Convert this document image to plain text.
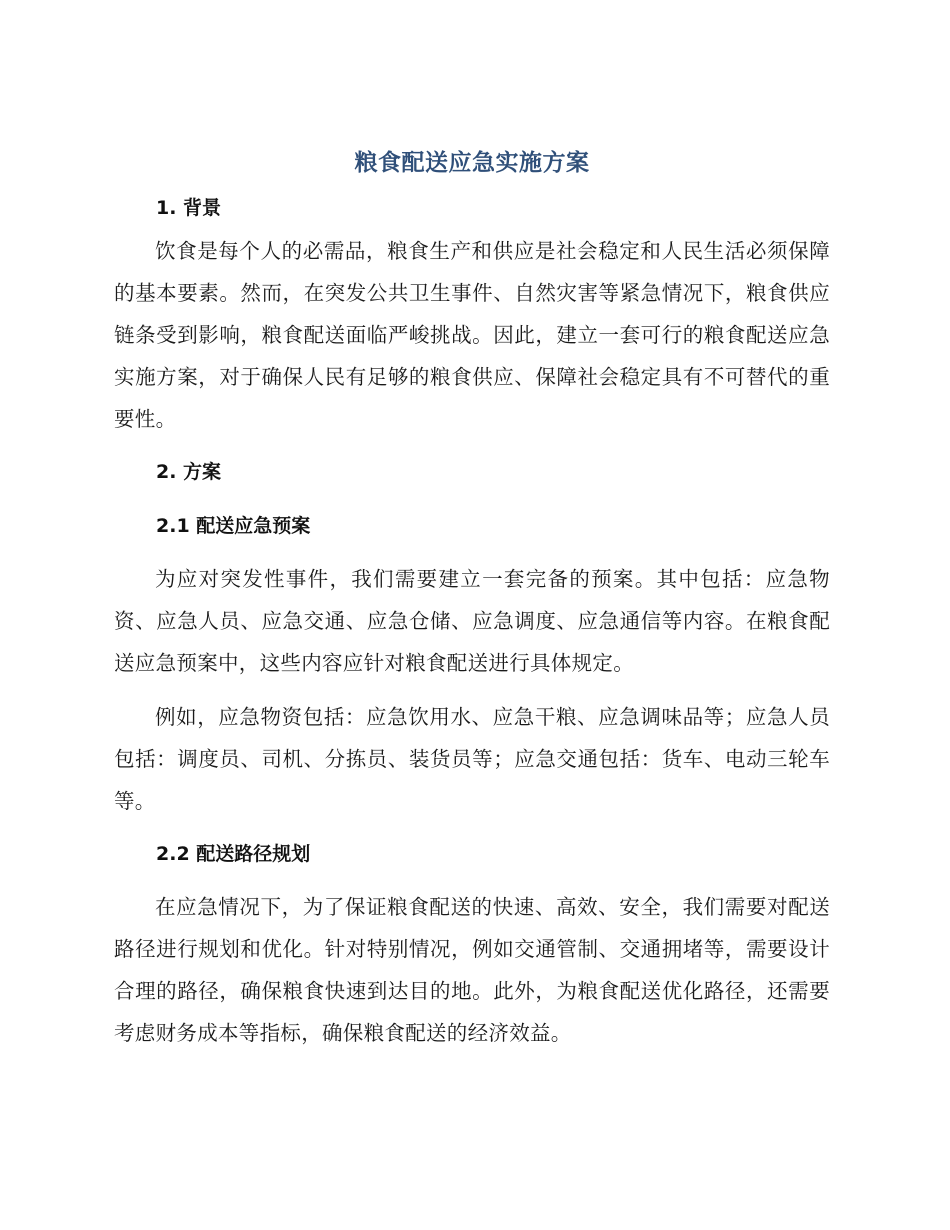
粮食配送应急实施方案
1. 背景

饮食是每个人的必需品，粮食生产和供应是社会稳定和人民生活必须保障的基本要素。然而，在突发公共卫生事件、自然灾害等紧急情况下，粮食供应链条受到影响，粮食配送面临严峻挑战。因此，建立一套可行的粮食配送应急实施方案，对于确保人民有足够的粮食供应、保障社会稳定具有不可替代的重要性。

2. 方案
2.1 配送应急预案

为应对突发性事件，我们需要建立一套完备的预案。其中包括：应急物资、应急人员、应急交通、应急仓储、应急调度、应急通信等内容。在粮食配送应急预案中，这些内容应针对粮食配送进行具体规定。

例如，应急物资包括：应急饮用水、应急干粮、应急调味品等；应急人员包括：调度员、司机、分拣员、装货员等；应急交通包括：货车、电动三轮车等。

2.2 配送路径规划

在应急情况下，为了保证粮食配送的快速、高效、安全，我们需要对配送路径进行规划和优化。针对特别情况，例如交通管制、交通拥堵等，需要设计合理的路径，确保粮食快速到达目的地。此外，为粮食配送优化路径，还需要考虑财务成本等指标，确保粮食配送的经济效益。
